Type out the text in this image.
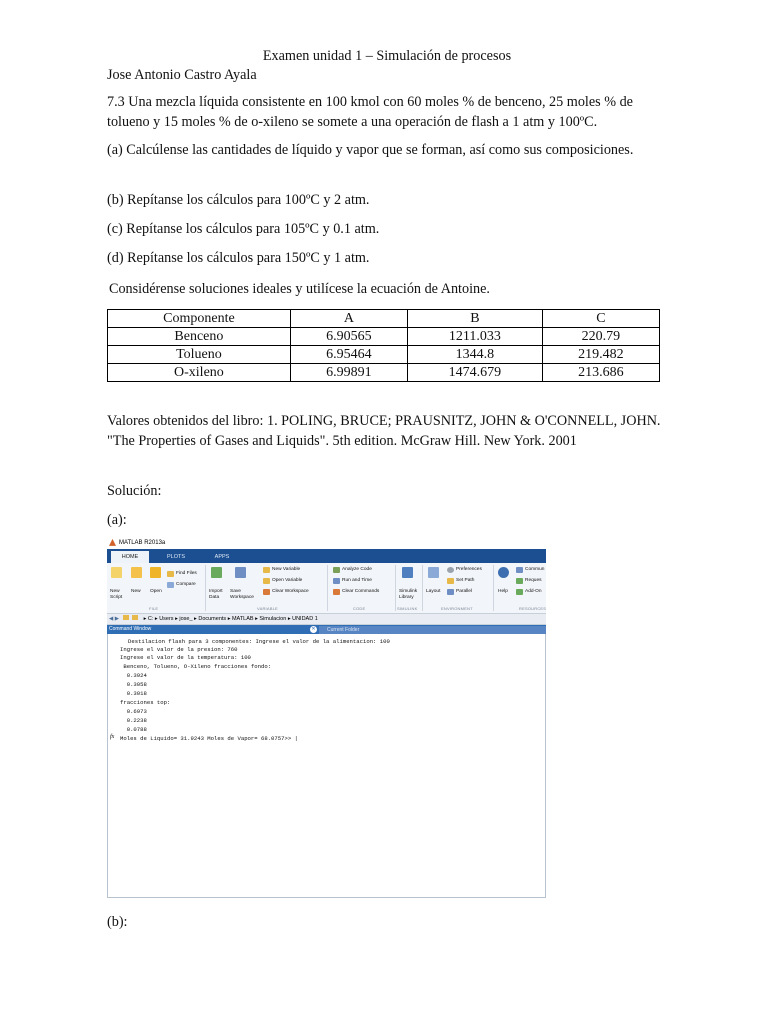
Examen unidad 1 – Simulación de procesos

Jose Antonio Castro Ayala

7.3 Una mezcla líquida consistente en 100 kmol con 60 moles % de benceno, 25 moles % de tolueno y 15 moles % de o-xileno se somete a una operación de flash a 1 atm y 100ºC.

(a) Calcúlense las cantidades de líquido y vapor que se forman, así como sus composiciones.

(b) Repítanse los cálculos para 100ºC y 2 atm.

(c) Repítanse los cálculos para 105ºC y 0.1 atm.

(d) Repítanse los cálculos para 150ºC y 1 atm.

Considérense soluciones ideales y utilícese la ecuación de Antoine.

Componente	A	B	C
Benceno	6.90565	1211.033	220.79
Tolueno	6.95464	1344.8	219.482
O-xileno	6.99891	1474.679	213.686

Valores obtenidos del libro: 1. POLING, BRUCE; PRAUSNITZ, JOHN & O'CONNELL, JOHN. "The Properties of Gases and Liquids". 5th edition. McGraw Hill. New York. 2001

Solución:

(a):

MATLAB R2013a
HOME	PLOTS	APPS
New
Script
New Open
Find Files
Compare
FILE
Import
Data
Save
Workspace
New Variable
Open Variable
Clear Workspace
VARIABLE
Analyze Code
Run and Time
Clear Commands
CODE
Simulink
Library
SIMULINK
Layout
Preferences
Set Path
Parallel
ENVIRONMENT
Help
Commun
Reques
Add-On
RESOURCES
◀ ▶	▸ C: ▸ Users ▸ jose_ ▸ Documents ▸ MATLAB ▸ Simulacion ▸ UNIDAD 1
Command Window	✕	Current Folder
Destilacion flash para 3 componentes: Ingrese el valor de la alimentacion: 100
Ingrese el valor de la presion: 760
Ingrese el valor de la temperatura: 100
Benceno, Tolueno, O-Xileno fracciones fondo:
0.3924
0.3058
0.3018
fracciones top:
0.6973
0.2238
0.0788
fx Moles de Liquido= 31.9243 Moles de Vapor= 68.0757>> |

(b):
